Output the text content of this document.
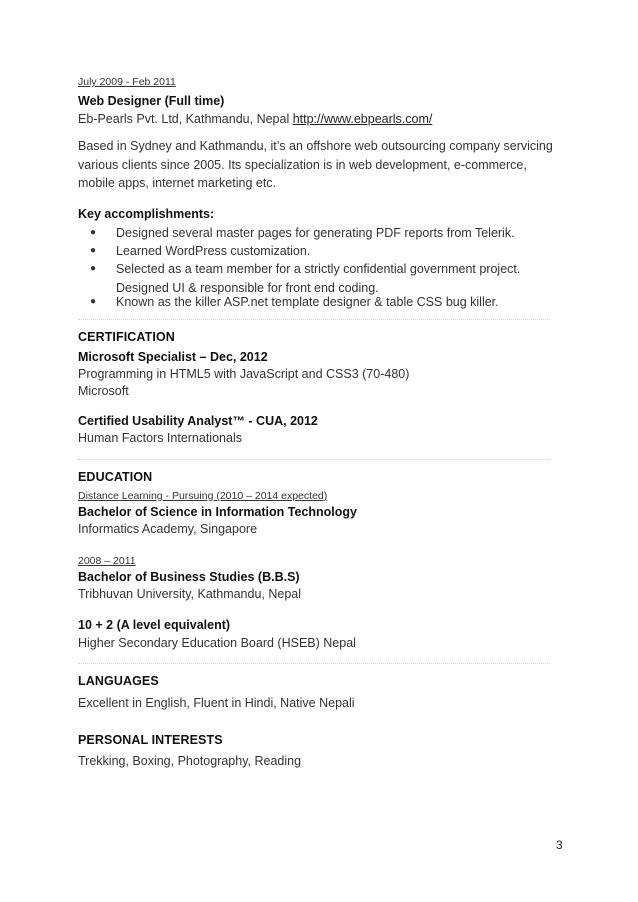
July 2009 - Feb 2011
Web Designer (Full time)
Eb-Pearls Pvt. Ltd, Kathmandu, Nepal http://www.ebpearls.com/
Based in Sydney and Kathmandu, it’s an offshore web outsourcing company servicing various clients since 2005. Its specialization is in web development, e-commerce, mobile apps, internet marketing etc.
Key accomplishments:
● Designed several master pages for generating PDF reports from Telerik.
● Learned WordPress customization.
● Selected as a team member for a strictly confidential government project. Designed UI & responsible for front end coding.
● Known as the killer ASP.net template designer & table CSS bug killer.
CERTIFICATION
Microsoft Specialist – Dec, 2012
Programming in HTML5 with JavaScript and CSS3 (70-480)
Microsoft
Certified Usability Analyst™ - CUA, 2012
Human Factors Internationals
EDUCATION
Distance Learning - Pursuing (2010 – 2014 expected)
Bachelor of Science in Information Technology
Informatics Academy, Singapore
2008 – 2011
Bachelor of Business Studies (B.B.S)
Tribhuvan University, Kathmandu, Nepal
10 + 2 (A level equivalent)
Higher Secondary Education Board (HSEB) Nepal
LANGUAGES
Excellent in English, Fluent in Hindi, Native Nepali
PERSONAL INTERESTS
Trekking, Boxing, Photography, Reading
3
